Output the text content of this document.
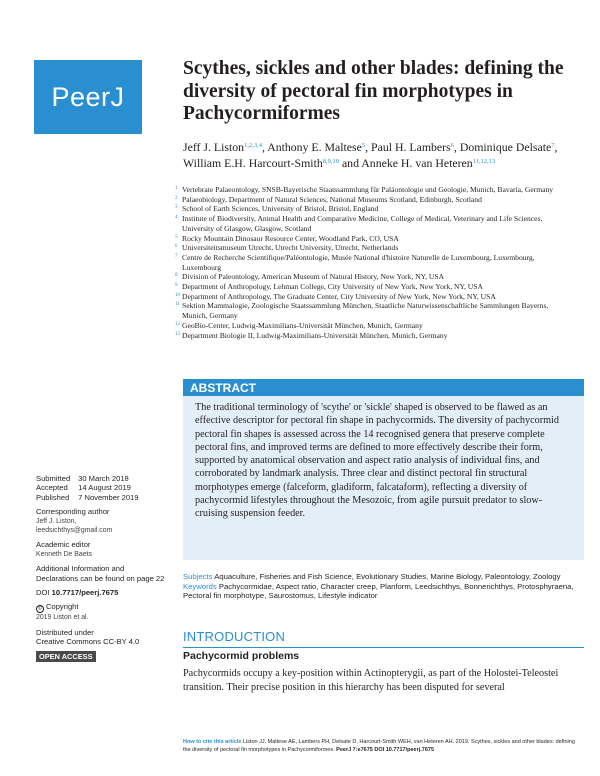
PeerJ
Scythes, sickles and other blades: defining the diversity of pectoral fin morphotypes in Pachycormiformes
Jeff J. Liston$^{1,2,3,4}$, Anthony E. Maltese$^5$, Paul H. Lambers$^6$, Dominique Delsate$^7$, William E.H. Harcourt-Smith$^{8,9,10}$ and Anneke H. van Heteren$^{11,12,13}$
1 Vertebrate Palaeontology, SNSB-Bayerische Staatssammlung für Paläontologie und Geologie, Munich, Bavaria, Germany
2 Palaeobiology, Department of Natural Sciences, National Museums Scotland, Edinburgh, Scotland
3 School of Earth Sciences, University of Bristol, Bristol, England
4 Institute of Biodiversity, Animal Health and Comparative Medicine, College of Medical, Veterinary and Life Sciences, University of Glasgow, Glasgow, Scotland
5 Rocky Mountain Dinosaur Resource Center, Woodland Park, CO, USA
6 Universiteitsmuseum Utrecht, Utrecht University, Utrecht, Netherlands
7 Centre de Recherche Scientifique/Paléontologie, Musée National d'histoire Naturelle de Luxembourg, Luxembourg, Luxembourg
8 Division of Paleontology, American Museum of Natural History, New York, NY, USA
9 Department of Anthropology, Lehman College, City University of New York, New York, NY, USA
10 Department of Anthropology, The Graduate Center, City University of New York, New York, NY, USA
11 Sektion Mammalogie, Zoologische Staatssammlung München, Staatliche Naturwissenschaftliche Sammlungen Bayerns, Munich, Germany
12 GeoBio-Center, Ludwig-Maximilians-Universität München, Munich, Germany
13 Department Biologie II, Ludwig-Maximilians-Universität München, Munich, Germany
Submitted 30 March 2018
Accepted 14 August 2019
Published 7 November 2019
Corresponding author
Jeff J. Liston,
leedsichthys@gmail.com
Academic editor
Kenneth De Baets
Additional Information and Declarations can be found on page 22
DOI 10.7717/peerj.7675
© Copyright
2019 Liston et al.
Distributed under
Creative Commons CC-BY 4.0
OPEN ACCESS
ABSTRACT

The traditional terminology of 'scythe' or 'sickle' shaped is observed to be flawed as an effective descriptor for pectoral fin shape in pachycormids. The diversity of pachycormid pectoral fin shapes is assessed across the 14 recognised genera that preserve complete pectoral fins, and improved terms are defined to more effectively describe their form, supported by anatomical observation and aspect ratio analysis of individual fins, and corroborated by landmark analysis. Three clear and distinct pectoral fin structural morphotypes emerge (falceform, gladiform, falcataform), reflecting a diversity of pachycormid lifestyles throughout the Mesozoic, from agile pursuit predator to slow-cruising suspension feeder.

Subjects Aquaculture, Fisheries and Fish Science, Evolutionary Studies, Marine Biology, Paleontology, Zoology
Keywords Pachycormidae, Aspect ratio, Character creep, Planform, Leedsichthys, Bonnerichthys, Protosphyraena, Pectoral fin morphotype, Saurostomus, Lifestyle indicator
INTRODUCTION
Pachycormid problems

Pachycormids occupy a key-position within Actinopterygii, as part of the Holostei-Teleostei transition. Their precise position in this hierarchy has been disputed for several

How to cite this article Liston JJ, Maltese AE, Lambers PH, Delsate D, Harcourt-Smith WEH, van Heteren AH. 2019. Scythes, sickles and other blades: defining the diversity of pectoral fin morphotypes in Pachycormiformes. PeerJ 7:e7675 DOI 10.7717/peerj.7675
